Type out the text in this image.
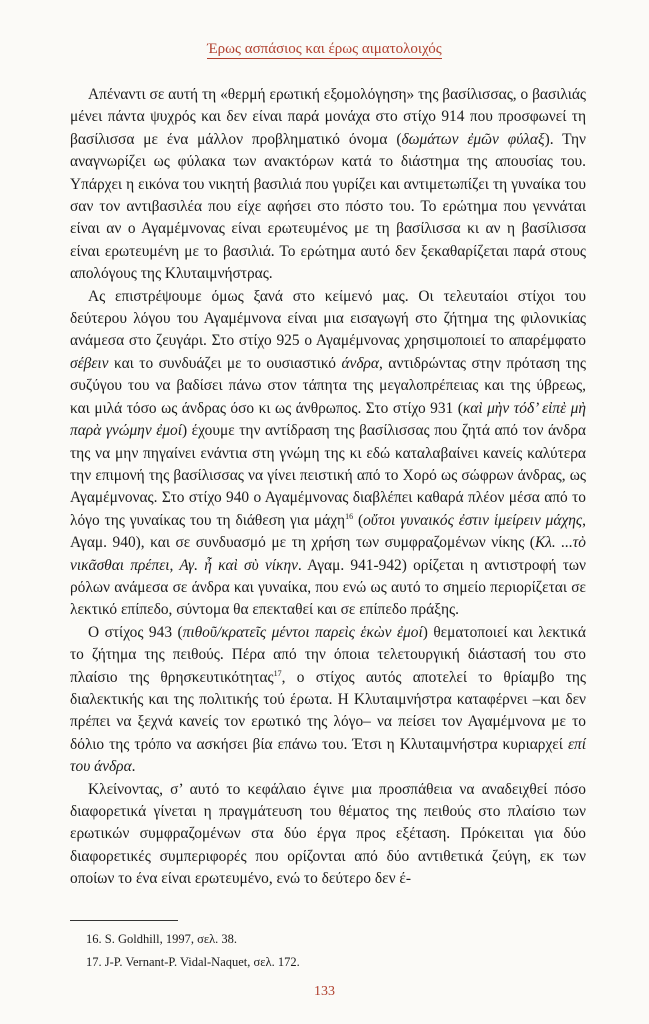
Έρως ασπάσιος και έρως αιματολοιχός

Απέναντι σε αυτή τη «θερμή ερωτική εξομολόγηση» της βασίλισσας, ο βασιλιάς μένει πάντα ψυχρός και δεν είναι παρά μονάχα στο στίχο 914 που προσφωνεί τη βασίλισσα με ένα μάλλον προβληματικό όνομα (δωμάτων ἐμῶν φύλαξ). Την αναγνωρίζει ως φύλακα των ανακτόρων κατά το διάστημα της απουσίας του. Υπάρχει η εικόνα του νικητή βασιλιά που γυρίζει και αντιμετωπίζει τη γυναίκα του σαν τον αντιβασιλέα που είχε αφήσει στο πόστο του. Το ερώτημα που γεννάται είναι αν ο Αγαμέμνονας είναι ερωτευμένος με τη βασίλισσα κι αν η βασίλισσα είναι ερωτευμένη με το βασιλιά. Το ερώτημα αυτό δεν ξεκαθαρίζεται παρά στους απολόγους της Κλυταιμνήστρας.

Ας επιστρέψουμε όμως ξανά στο κείμενό μας. Οι τελευταίοι στίχοι του δεύτερου λόγου του Αγαμέμνονα είναι μια εισαγωγή στο ζήτημα της φιλονικίας ανάμεσα στο ζευγάρι. Στο στίχο 925 ο Αγαμέμνονας χρησιμοποιεί το απαρέμφατο σέβειν και το συνδυάζει με το ουσιαστικό άνδρα, αντιδρώντας στην πρόταση της συζύγου του να βαδίσει πάνω στον τάπητα της μεγαλοπρέπειας και της ύβρεως, και μιλά τόσο ως άνδρας όσο κι ως άνθρωπος. Στο στίχο 931 (καὶ μὴν τόδ’ εἰπὲ μὴ παρὰ γνώμην ἐμοί) έχουμε την αντίδραση της βασίλισσας που ζητά από τον άνδρα της να μην πηγαίνει ενάντια στη γνώμη της κι εδώ καταλαβαίνει κανείς καλύτερα την επιμονή της βασίλισσας να γίνει πειστική από το Χορό ως σώφρων άνδρας, ως Αγαμέμνονας. Στο στίχο 940 ο Αγαμέμνονας διαβλέπει καθαρά πλέον μέσα από το λόγο της γυναίκας του τη διάθεση για μάχη$^{16}$ (οὔτοι γυναικός ἐστιν ἱμείρειν μάχης, Αγαμ. 940), και σε συνδυασμό με τη χρήση των συμφραζομένων νίκης (Κλ. ...τὸ νικᾶσθαι πρέπει, Αγ. ἦ καὶ σὺ νίκην. Αγαμ. 941-942) ορίζεται η αντιστροφή των ρόλων ανάμεσα σε άνδρα και γυναίκα, που ενώ ως αυτό το σημείο περιορίζεται σε λεκτικό επίπεδο, σύντομα θα επεκταθεί και σε επίπεδο πράξης.

Ο στίχος 943 (πιθοῦ/κρατεῖς μέντοι παρεὶς ἑκὼν ἐμοί) θεματοποιεί και λεκτικά το ζήτημα της πειθούς. Πέρα από την όποια τελετουργική διάστασή του στο πλαίσιο της θρησκευτικότητας$^{17}$, ο στίχος αυτός αποτελεί το θρίαμβο της διαλεκτικής και της πολιτικής τού έρωτα. Η Κλυταιμνήστρα καταφέρνει –και δεν πρέπει να ξεχνά κανείς τον ερωτικό της λόγο– να πείσει τον Αγαμέμνονα με το δόλιο της τρόπο να ασκήσει βία επάνω του. Έτσι η Κλυταιμνήστρα κυριαρχεί επί του άνδρα.

Κλείνοντας, σ’ αυτό το κεφάλαιο έγινε μια προσπάθεια να αναδειχθεί πόσο διαφορετικά γίνεται η πραγμάτευση του θέματος της πειθούς στο πλαίσιο των ερωτικών συμφραζομένων στα δύο έργα προς εξέταση. Πρόκειται για δύο διαφορετικές συμπεριφορές που ορίζονται από δύο αντιθετικά ζεύγη, εκ των οποίων το ένα είναι ερωτευμένο, ενώ το δεύτερο δεν έ-

16. S. Goldhill, 1997, σελ. 38.
17. J-P. Vernant-P. Vidal-Naquet, σελ. 172.
133
